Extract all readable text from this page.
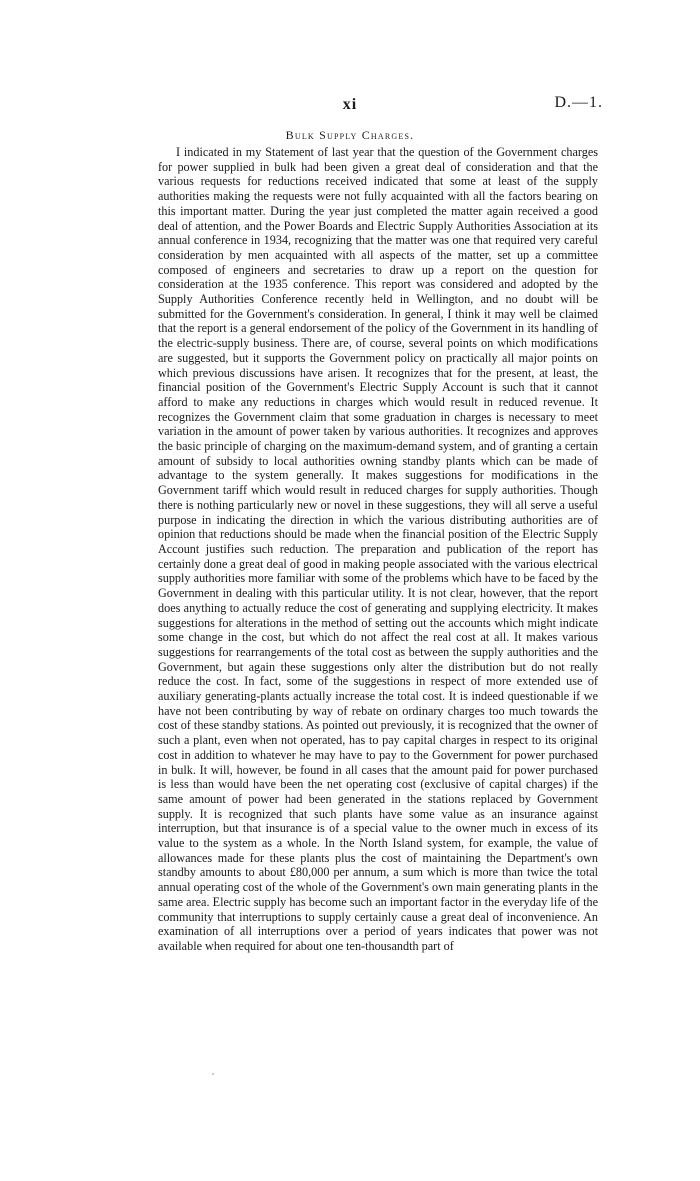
xi	D.—1.
Bulk Supply Charges.

I indicated in my Statement of last year that the question of the Government charges for power supplied in bulk had been given a great deal of consideration and that the various requests for reductions received indicated that some at least of the supply authorities making the requests were not fully acquainted with all the factors bearing on this important matter. During the year just completed the matter again received a good deal of attention, and the Power Boards and Electric Supply Authorities Association at its annual conference in 1934, recognizing that the matter was one that required very careful consideration by men acquainted with all aspects of the matter, set up a committee composed of engineers and secretaries to draw up a report on the question for consideration at the 1935 conference. This report was considered and adopted by the Supply Authorities Conference recently held in Wellington, and no doubt will be submitted for the Government's consideration. In general, I think it may well be claimed that the report is a general endorsement of the policy of the Government in its handling of the electric-supply business. There are, of course, several points on which modifications are suggested, but it supports the Government policy on practically all major points on which previous discussions have arisen. It recognizes that for the present, at least, the financial position of the Government's Electric Supply Account is such that it cannot afford to make any reductions in charges which would result in reduced revenue. It recognizes the Government claim that some graduation in charges is necessary to meet variation in the amount of power taken by various authorities. It recognizes and approves the basic principle of charging on the maximum-demand system, and of granting a certain amount of subsidy to local authorities owning standby plants which can be made of advantage to the system generally. It makes suggestions for modifications in the Government tariff which would result in reduced charges for supply authorities. Though there is nothing particularly new or novel in these suggestions, they will all serve a useful purpose in indicating the direction in which the various distributing authorities are of opinion that reductions should be made when the financial position of the Electric Supply Account justifies such reduction. The preparation and publication of the report has certainly done a great deal of good in making people associated with the various electrical supply authorities more familiar with some of the problems which have to be faced by the Government in dealing with this particular utility. It is not clear, however, that the report does anything to actually reduce the cost of generating and supplying electricity. It makes suggestions for alterations in the method of setting out the accounts which might indicate some change in the cost, but which do not affect the real cost at all. It makes various suggestions for rearrangements of the total cost as between the supply authorities and the Government, but again these suggestions only alter the distribution but do not really reduce the cost. In fact, some of the suggestions in respect of more extended use of auxiliary generating-plants actually increase the total cost. It is indeed questionable if we have not been contributing by way of rebate on ordinary charges too much towards the cost of these standby stations. As pointed out previously, it is recognized that the owner of such a plant, even when not operated, has to pay capital charges in respect to its original cost in addition to whatever he may have to pay to the Government for power purchased in bulk. It will, however, be found in all cases that the amount paid for power purchased is less than would have been the net operating cost (exclusive of capital charges) if the same amount of power had been generated in the stations replaced by Government supply. It is recognized that such plants have some value as an insurance against interruption, but that insurance is of a special value to the owner much in excess of its value to the system as a whole. In the North Island system, for example, the value of allowances made for these plants plus the cost of maintaining the Department's own standby amounts to about £80,000 per annum, a sum which is more than twice the total annual operating cost of the whole of the Government's own main generating plants in the same area. Electric supply has become such an important factor in the everyday life of the community that interruptions to supply certainly cause a great deal of inconvenience. An examination of all interruptions over a period of years indicates that power was not available when required for about one ten-thousandth part of
